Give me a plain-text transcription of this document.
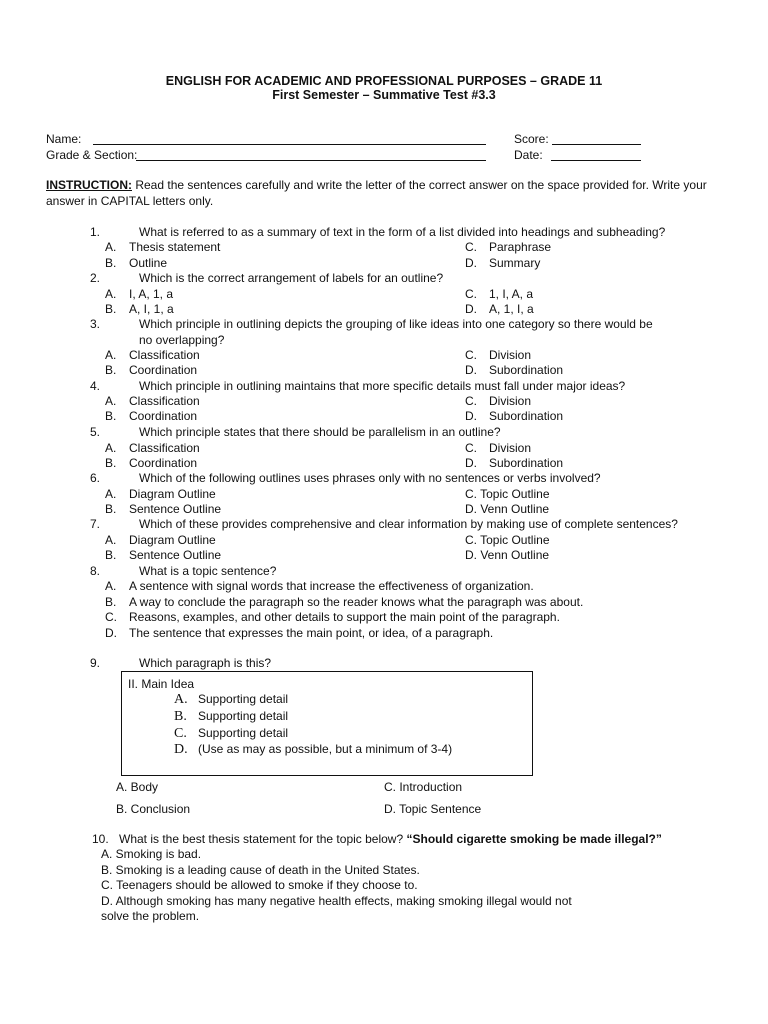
ENGLISH FOR ACADEMIC AND PROFESSIONAL PURPOSES – GRADE 11
First Semester – Summative Test #3.3
Name:	Score:
Grade & Section:	Date:
INSTRUCTION: Read the sentences carefully and write the letter of the correct answer on the space provided for. Write your answer in CAPITAL letters only.
1.	What is referred to as a summary of text in the form of a list divided into headings and subheading?
A. Thesis statement	C. Paraphrase
B. Outline	D. Summary
2.	Which is the correct arrangement of labels for an outline?
A. I, A, 1, a	C. 1, I, A, a
B. A, I, 1, a	D. A, 1, I, a
3.	Which principle in outlining depicts the grouping of like ideas into one category so there would be no overlapping?
A. Classification	C. Division
B. Coordination	D. Subordination
4.	Which principle in outlining maintains that more specific details must fall under major ideas?
A. Classification	C. Division
B. Coordination	D. Subordination
5.	Which principle states that there should be parallelism in an outline?
A. Classification	C. Division
B. Coordination	D. Subordination
6.	Which of the following outlines uses phrases only with no sentences or verbs involved?
A. Diagram Outline	C. Topic Outline
B. Sentence Outline	D. Venn Outline
7.	Which of these provides comprehensive and clear information by making use of complete sentences?
A. Diagram Outline	C. Topic Outline
B. Sentence Outline	D. Venn Outline
8.	What is a topic sentence?
A. A sentence with signal words that increase the effectiveness of organization.
B. A way to conclude the paragraph so the reader knows what the paragraph was about.
C. Reasons, examples, and other details to support the main point of the paragraph.
D. The sentence that expresses the main point, or idea, of a paragraph.
9.	Which paragraph is this?
II. Main Idea
A. Supporting detail
B. Supporting detail
C. Supporting detail
D. (Use as may as possible, but a minimum of 3-4)
A. Body	C. Introduction
B. Conclusion	D. Topic Sentence
10. What is the best thesis statement for the topic below? “Should cigarette smoking be made illegal?”
A. Smoking is bad.
B. Smoking is a leading cause of death in the United States.
C. Teenagers should be allowed to smoke if they choose to.
D. Although smoking has many negative health effects, making smoking illegal would not
solve the problem.
